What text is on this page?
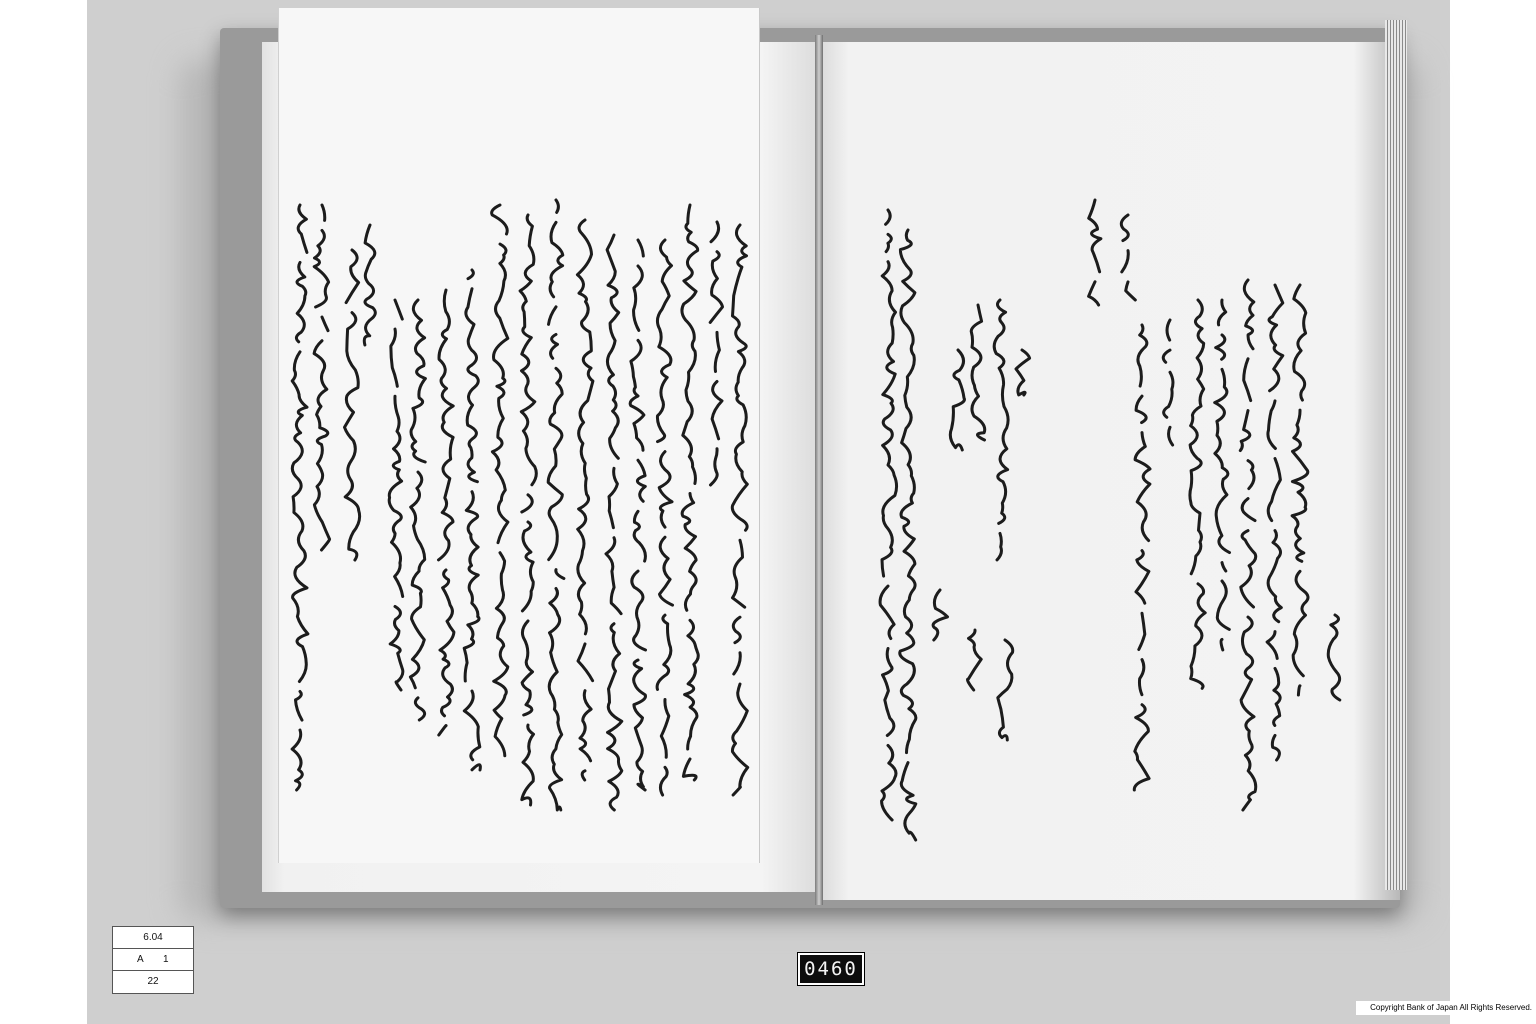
6.04
A 1
22
0460
Copyright Bank of Japan All Rights Reserved.
